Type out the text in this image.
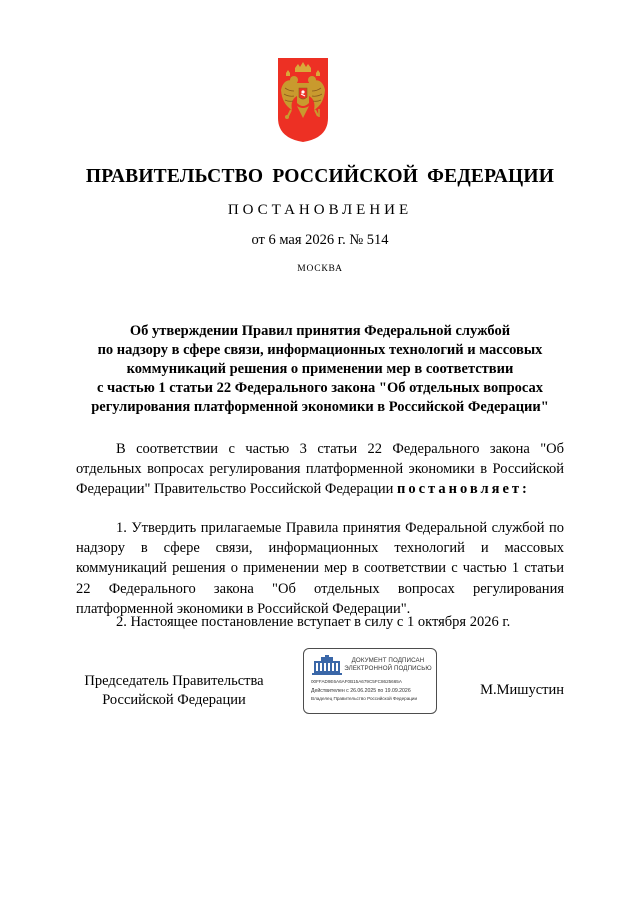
ПРАВИТЕЛЬСТВО РОССИЙСКОЙ ФЕДЕРАЦИИ
ПОСТАНОВЛЕНИЕ
от 6 мая 2026 г. № 514
МОСКВА
Об утверждении Правил принятия Федеральной службой
по надзору в сфере связи, информационных технологий и массовых
коммуникаций решения о применении мер в соответствии
с частью 1 статьи 22 Федерального закона "Об отдельных вопросах
регулирования платформенной экономики в Российской Федерации"
В соответствии с частью 3 статьи 22 Федерального закона "Об отдельных вопросах регулирования платформенной экономики в Российской Федерации" Правительство Российской Федерации постановляет:
1. Утвердить прилагаемые Правила принятия Федеральной службой по надзору в сфере связи, информационных технологий и массовых коммуникаций решения о применении мер в соответствии с частью 1 статьи 22 Федерального закона "Об отдельных вопросах регулирования платформенной экономики в Российской Федерации".
2. Настоящее постановление вступает в силу с 1 октября 2026 г.
Председатель Правительства
Российской Федерации
ДОКУМЕНТ ПОДПИСАН
ЭЛЕКТРОННОЙ ПОДПИСЬЮ
00FFAD9E6A6AF0B15A679C5FC8625665A
Действителен с 26.06.2025 по 19.09.2026
Владелец Правительство Российской Федерации
М.Мишустин
